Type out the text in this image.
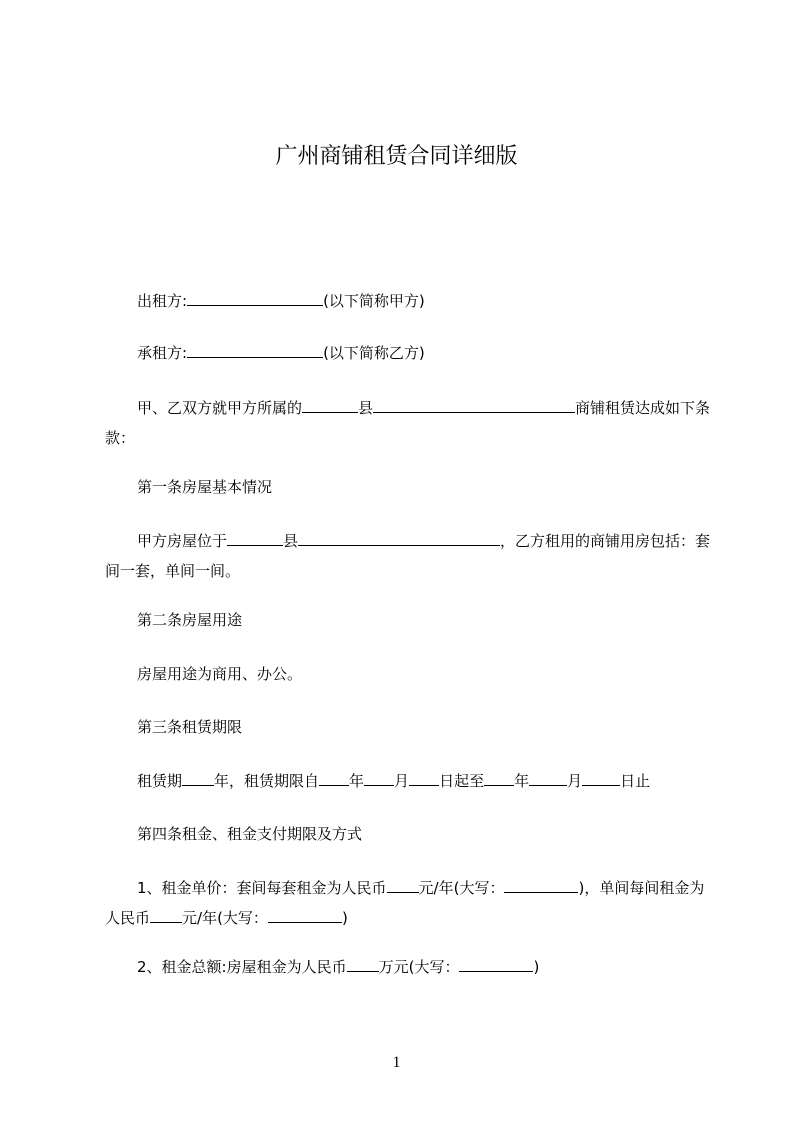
广州商铺租赁合同详细版
出租方:	(以下简称甲方)
承租方:	(以下简称乙方)
甲、乙双方就甲方所属的	县	商铺租赁达成如下条款：
第一条房屋基本情况
甲方房屋位于	县	，乙方租用的商铺用房包括：套间一套，单间一间。
第二条房屋用途
房屋用途为商用、办公。
第三条租赁期限
租赁期 年，租赁期限自 年 月 日起至 年	月	日止
第四条租金、租金支付期限及方式
1、租金单价：套间每套租金为人民币 元/年(大写：	)，单间每间租金为人民币 元/年(大写：	)
2、租金总额:房屋租金为人民币 万元(大写：	)
1
